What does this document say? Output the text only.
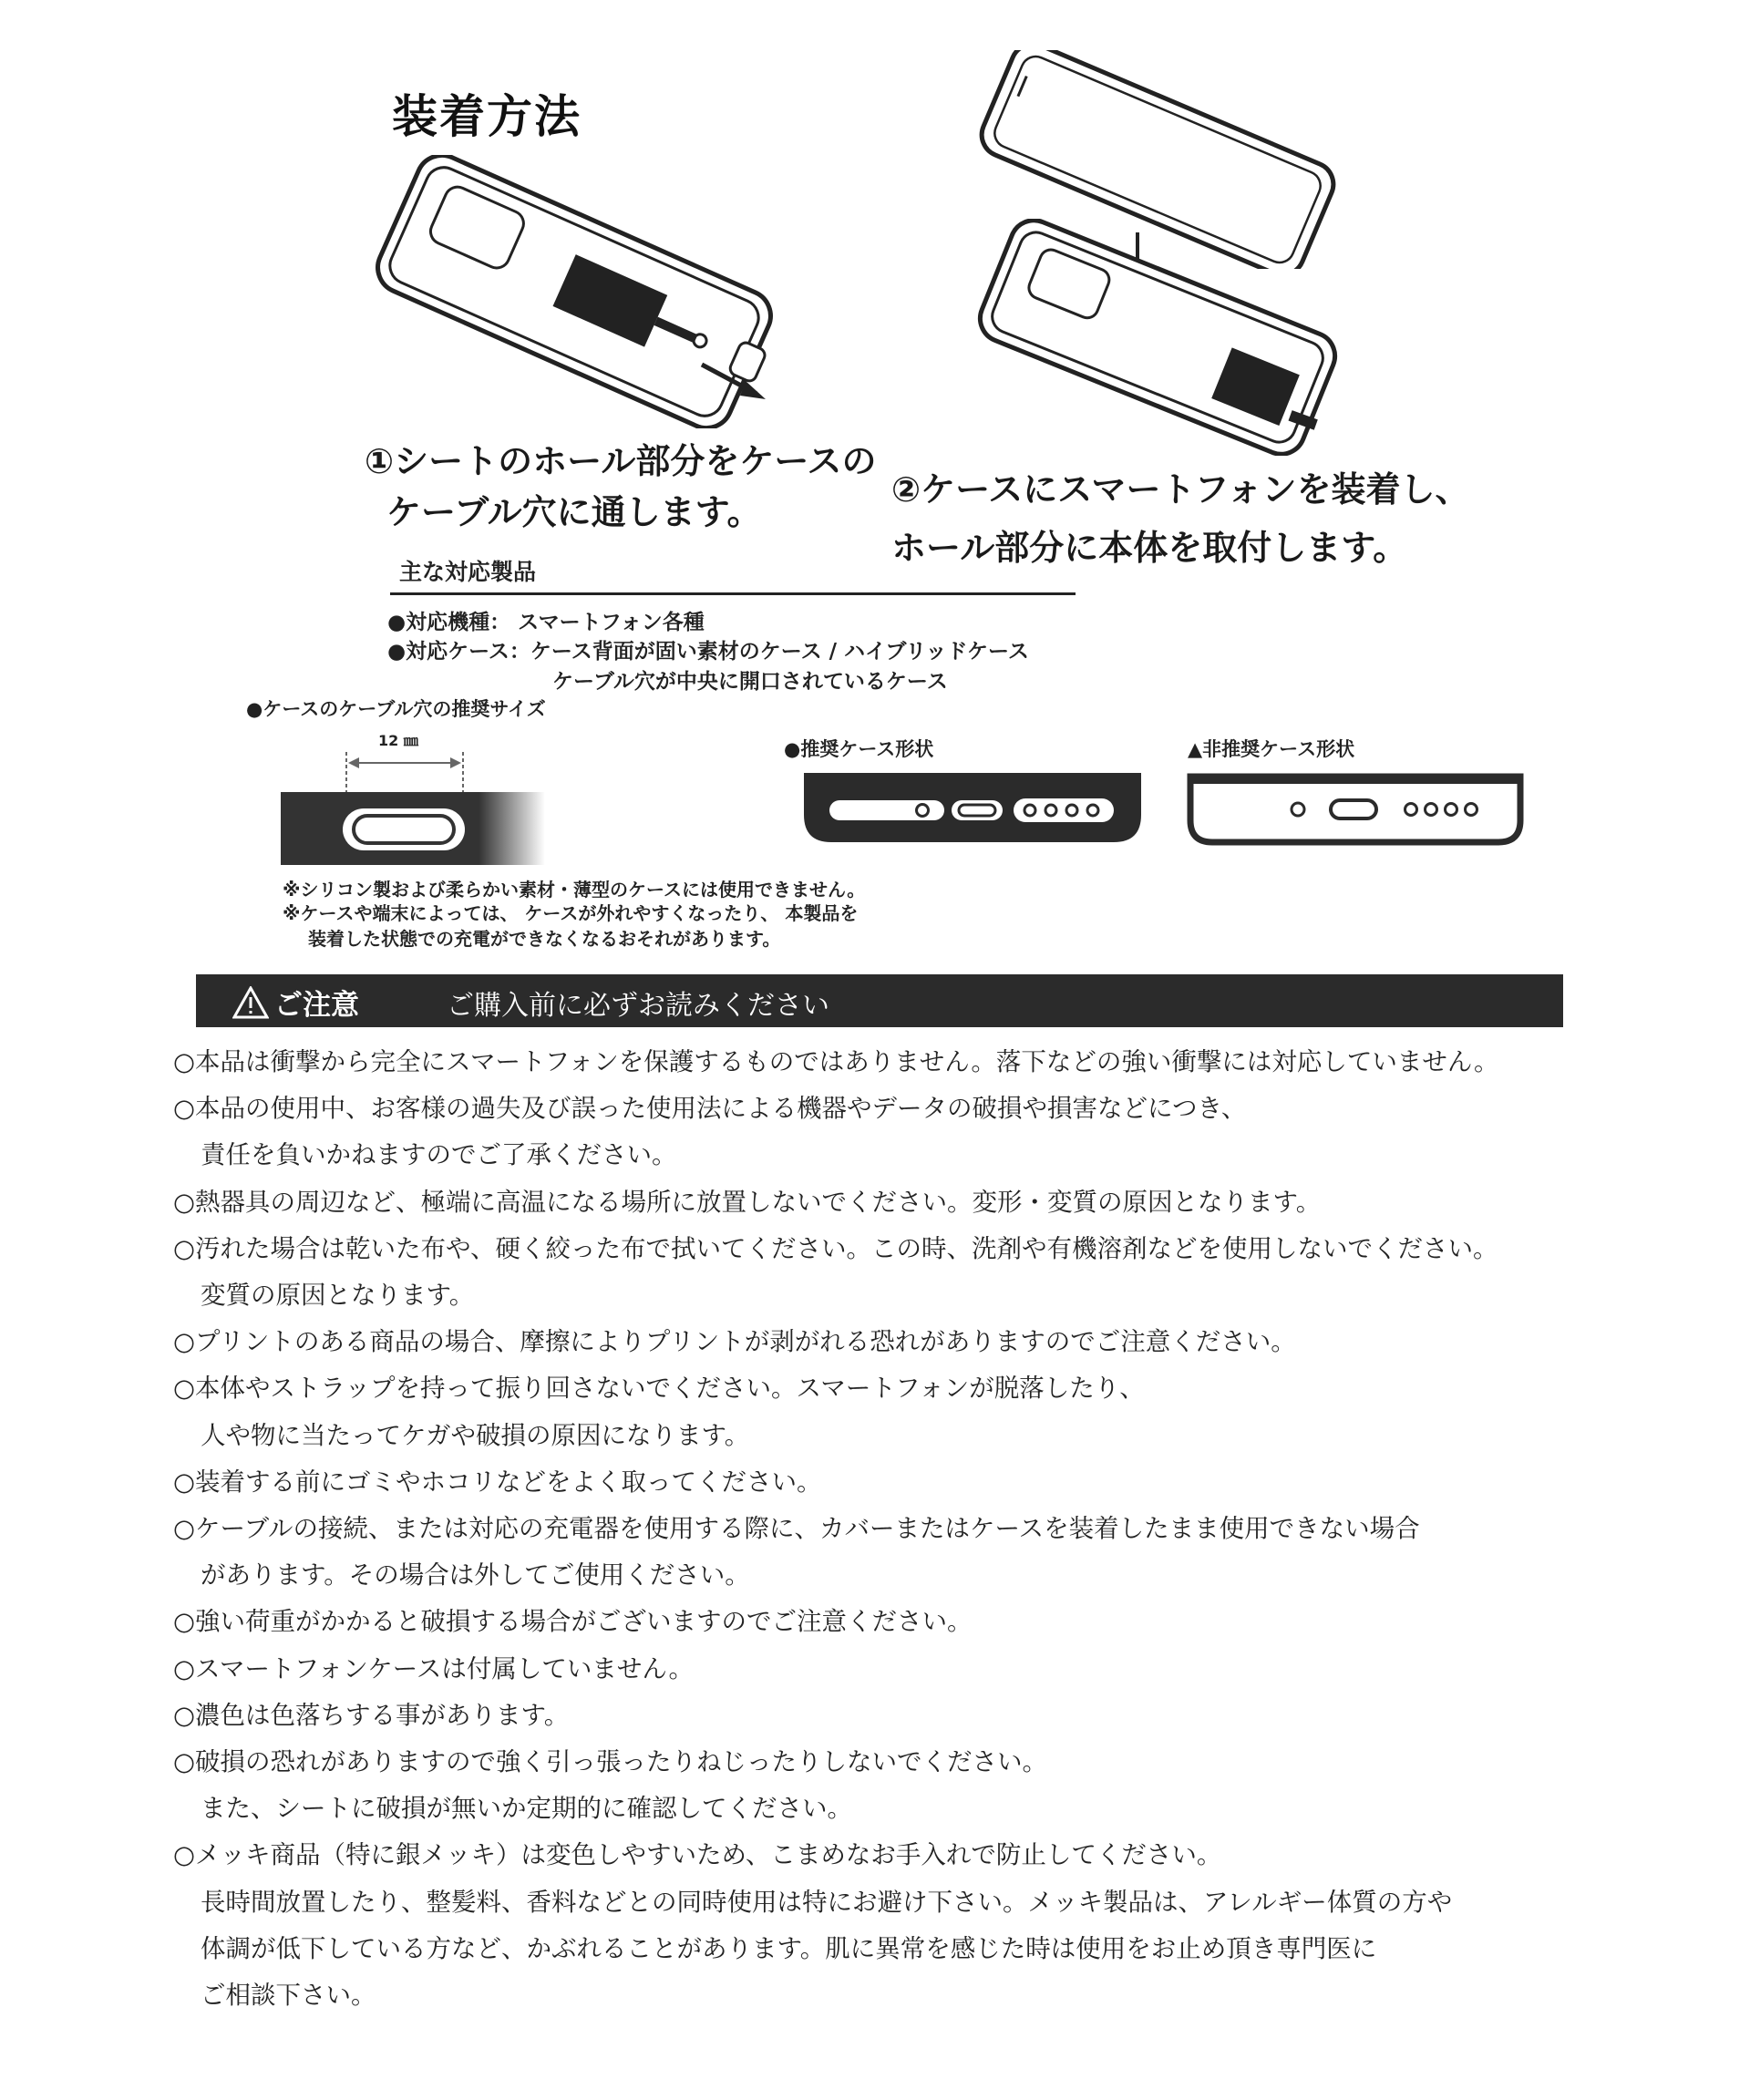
装着方法
①シートのホール部分をケースの
ケーブル穴に通します。
②ケースにスマートフォンを装着し、
ホール部分に本体を取付します。
主な対応製品
●対応機種： スマートフォン各種
●対応ケース：ケース背面が固い素材のケース / ハイブリッドケース
ケーブル穴が中央に開口されているケース
●ケースのケーブル穴の推奨サイズ
12 ㎜	●推奨ケース形状	▲非推奨ケース形状
※シリコン製および柔らかい素材・薄型のケースには使用できません。
※ケースや端末によっては、 ケースが外れやすくなったり、 本製品を
装着した状態での充電ができなくなるおそれがあります。
ご注意	ご購入前に必ずお読みください
○本品は衝撃から完全にスマートフォンを保護するものではありません。落下などの強い衝撃には対応していません。
○本品の使用中、お客様の過失及び誤った使用法による機器やデータの破損や損害などにつき、
責任を負いかねますのでご了承ください。
○熱器具の周辺など、極端に高温になる場所に放置しないでください。変形・変質の原因となります。
○汚れた場合は乾いた布や、硬く絞った布で拭いてください。この時、洗剤や有機溶剤などを使用しないでください。
変質の原因となります。
○プリントのある商品の場合、摩擦によりプリントが剥がれる恐れがありますのでご注意ください。
○本体やストラップを持って振り回さないでください。スマートフォンが脱落したり、
人や物に当たってケガや破損の原因になります。
○装着する前にゴミやホコリなどをよく取ってください。
○ケーブルの接続、または対応の充電器を使用する際に、カバーまたはケースを装着したまま使用できない場合
があります。その場合は外してご使用ください。
○強い荷重がかかると破損する場合がございますのでご注意ください。
○スマートフォンケースは付属していません。
○濃色は色落ちする事があります。
○破損の恐れがありますので強く引っ張ったりねじったりしないでください。
また、シートに破損が無いか定期的に確認してください。
○メッキ商品（特に銀メッキ）は変色しやすいため、こまめなお手入れで防止してください。
長時間放置したり、整髪料、香料などとの同時使用は特にお避け下さい。メッキ製品は、アレルギー体質の方や
体調が低下している方など、かぶれることがあります。肌に異常を感じた時は使用をお止め頂き専門医に
ご相談下さい。
